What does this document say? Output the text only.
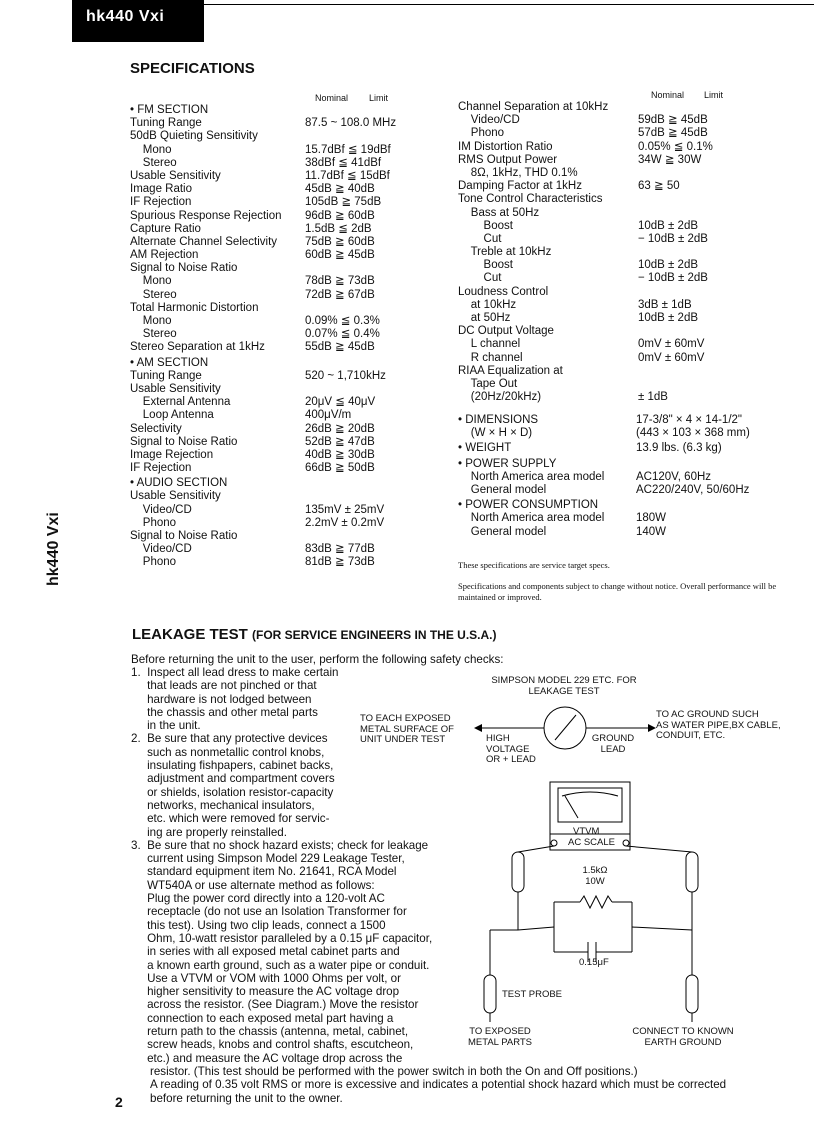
hk440 Vxi
hk440 Vxi
SPECIFICATIONS
Nominal Limit	Nominal Limit
• FM SECTION
Tuning Range	87.5 ~ 108.0 MHz
50dB Quieting Sensitivity
Mono	15.7dBf ≦ 19dBf
Stereo	38dBf ≦ 41dBf
Usable Sensitivity	11.7dBf ≦ 15dBf
Image Ratio	45dB ≧ 40dB
IF Rejection	105dB ≧ 75dB
Spurious Response Rejection 96dB ≧ 60dB
Capture Ratio	1.5dB ≦ 2dB
Alternate Channel Selectivity 75dB ≧ 60dB
AM Rejection	60dB ≧ 45dB
Signal to Noise Ratio
Mono	78dB ≧ 73dB
Stereo	72dB ≧ 67dB
Total Harmonic Distortion
Mono	0.09% ≦ 0.3%
Stereo	0.07% ≦ 0.4%
Stereo Separation at 1kHz	55dB ≧ 45dB
• AM SECTION
Tuning Range	520 ~ 1,710kHz
Usable Sensitivity
External Antenna	20μV ≦ 40μV
Loop Antenna	400μV/m
Selectivity	26dB ≧ 20dB
Signal to Noise Ratio	52dB ≧ 47dB
Image Rejection	40dB ≧ 30dB
IF Rejection	66dB ≧ 50dB
• AUDIO SECTION
Usable Sensitivity
Video/CD	135mV ± 25mV
Phono	2.2mV ± 0.2mV
Signal to Noise Ratio
Video/CD	83dB ≧ 77dB
Phono	81dB ≧ 73dB
Channel Separation at 10kHz
Video/CD	59dB ≧ 45dB
Phono	57dB ≧ 45dB
IM Distortion Ratio	0.05% ≦ 0.1%
RMS Output Power	34W ≧ 30W
8Ω, 1kHz, THD 0.1%
Damping Factor at 1kHz	63 ≧ 50
Tone Control Characteristics
Bass at 50Hz
Boost	10dB ± 2dB
Cut	− 10dB ± 2dB
Treble at 10kHz
Boost	10dB ± 2dB
Cut	− 10dB ± 2dB
Loudness Control
at 10kHz	3dB ± 1dB
at 50Hz	10dB ± 2dB
DC Output Voltage
L channel	0mV ± 60mV
R channel	0mV ± 60mV
RIAA Equalization at
Tape Out
(20Hz/20kHz)	± 1dB
• DIMENSIONS	17-3/8" × 4 × 14-1/2"
(W × H × D)	(443 × 103 × 368 mm)
• WEIGHT	13.9 lbs. (6.3 kg)
• POWER SUPPLY
North America area model	AC120V, 60Hz
General model	AC220/240V, 50/60Hz
• POWER CONSUMPTION
North America area model	180W
General model	140W
These specifications are service target specs.
Specifications and components subject to change without notice. Overall performance will be maintained or improved.
LEAKAGE TEST (FOR SERVICE ENGINEERS IN THE U.S.A.)
Before returning the unit to the user, perform the following safety checks:
1.  Inspect all lead dress to make certain
that leads are not pinched or that
hardware is not lodged between
the chassis and other metal parts
in the unit.
2.  Be sure that any protective devices
such as nonmetallic control knobs,
insulating fishpapers, cabinet backs,
adjustment and compartment covers
or shields, isolation resistor-capacity
networks, mechanical insulators,
etc. which were removed for servic-
ing are properly reinstalled.
3.  Be sure that no shock hazard exists; check for leakage
current using Simpson Model 229 Leakage Tester,
standard equipment item No. 21641, RCA Model
WT540A or use alternate method as follows:
Plug the power cord directly into a 120-volt AC
receptacle (do not use an Isolation Transformer for
this test). Using two clip leads, connect a 1500
Ohm, 10-watt resistor paralleled by a 0.15 μF capacitor,
in series with all exposed metal cabinet parts and
a known earth ground, such as a water pipe or conduit.
Use a VTVM or VOM with 1000 Ohms per volt, or
higher sensitivity to measure the AC voltage drop
across the resistor. (See Diagram.) Move the resistor
connection to each exposed metal part having a
return path to the chassis (antenna, metal, cabinet,
screw heads, knobs and control shafts, escutcheon,
etc.) and measure the AC voltage drop across the
resistor. (This test should be performed with the power switch in both the On and Off positions.)
A reading of 0.35 volt RMS or more is excessive and indicates a potential shock hazard which must be corrected
before returning the unit to the owner.
2
SIMPSON MODEL 229 ETC. FOR
LEAKAGE TEST
TO EACH EXPOSED
METAL SURFACE OF
UNIT UNDER TEST	HIGH
VOLTAGE
OR + LEAD
GROUND
LEAD
TO AC GROUND SUCH
AS WATER PIPE,BX CABLE,
CONDUIT, ETC.
VTVM
AC SCALE
1.5kΩ
10W
0.15μF
TEST PROBE
TO EXPOSED
METAL PARTS
CONNECT TO KNOWN
EARTH GROUND
